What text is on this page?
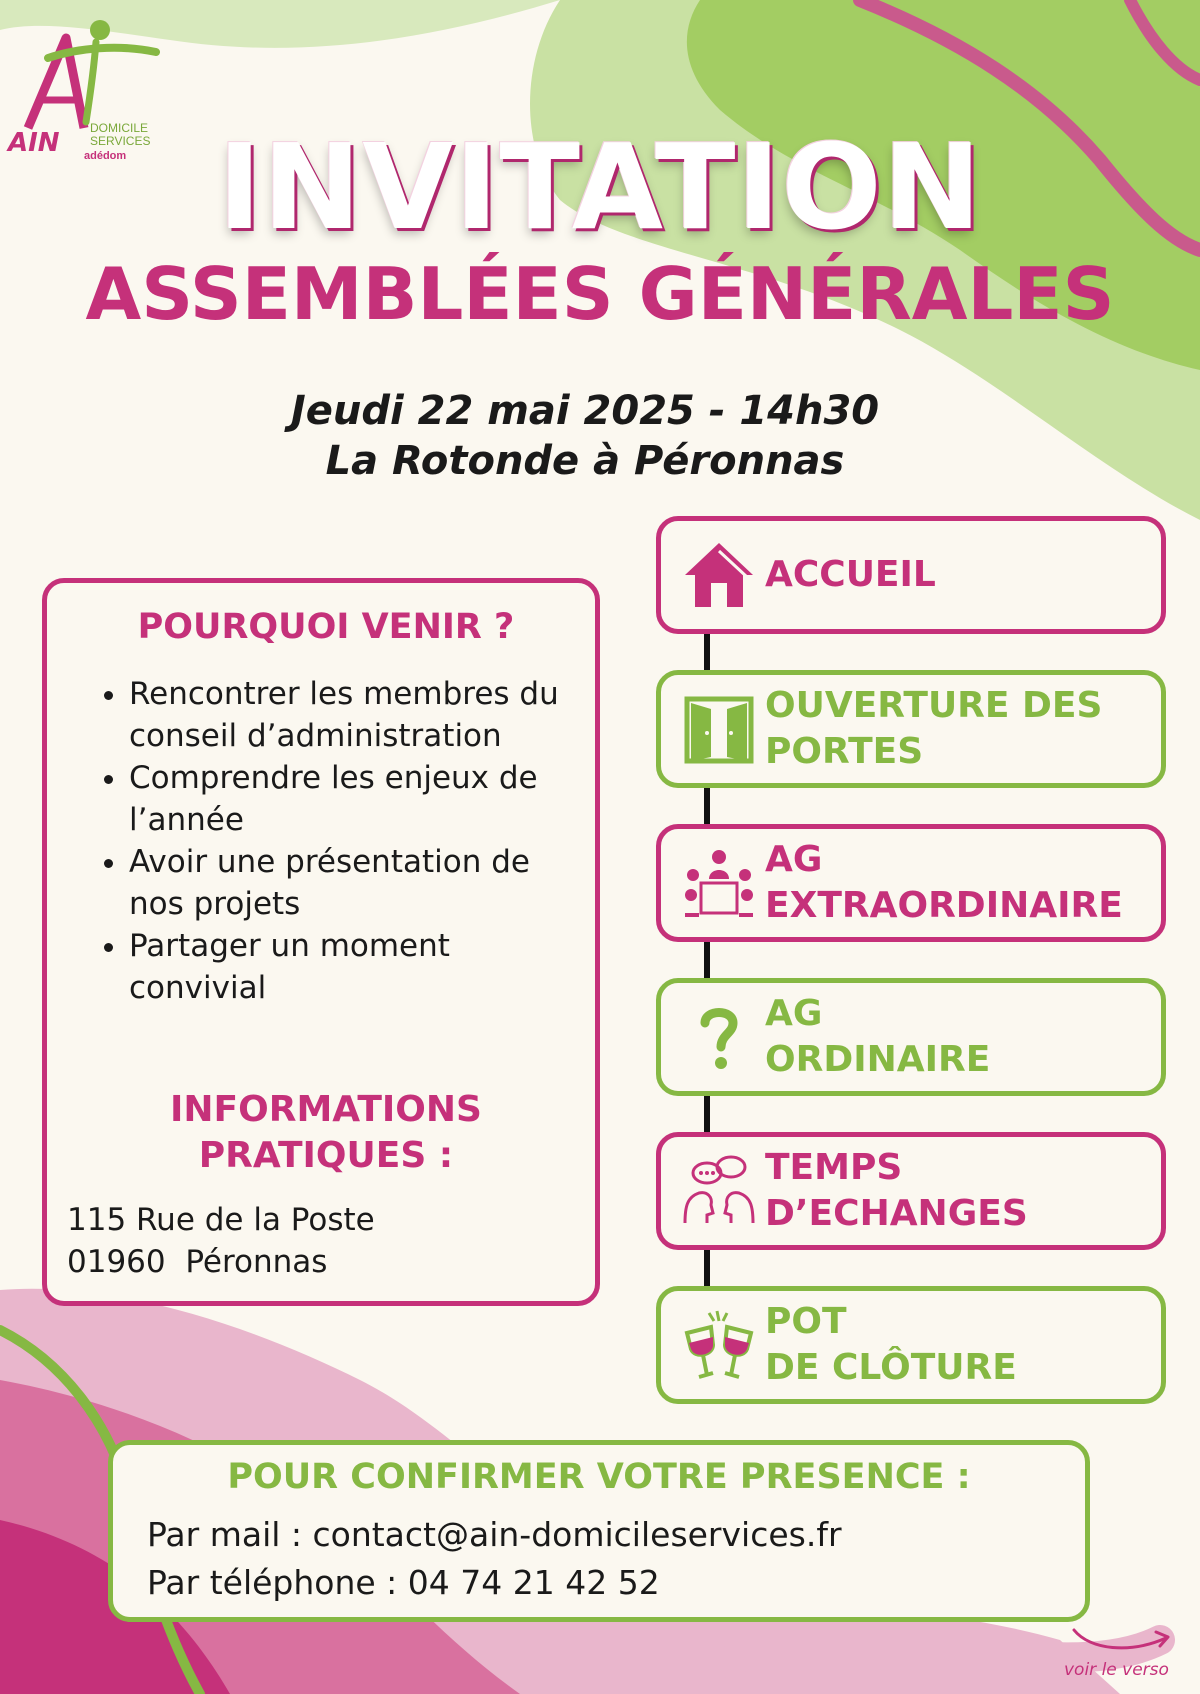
AIN	DOMICILE
SERVICES
adédom INVITATION
ASSEMBLÉES GÉNÉRALES
Jeudi 22 mai 2025 - 14h30
La Rotonde à Péronnas
POURQUOI VENIR ?
• Rencontrer les membres du conseil d’administration
• Comprendre les enjeux de l’année
• Avoir une présentation de nos projets
• Partager un moment convivial
INFORMATIONS
PRATIQUES :
115 Rue de la Poste
01960  Péronnas
ACCUEIL
OUVERTURE DES
PORTES
AG
EXTRAORDINAIRE
AG
ORDINAIRE
TEMPS
D’ECHANGES
POT
DE CLÔTURE
POUR CONFIRMER VOTRE PRESENCE :
Par mail : contact@ain-domicileservices.fr
Par téléphone : 04 74 21 42 52
voir le verso
